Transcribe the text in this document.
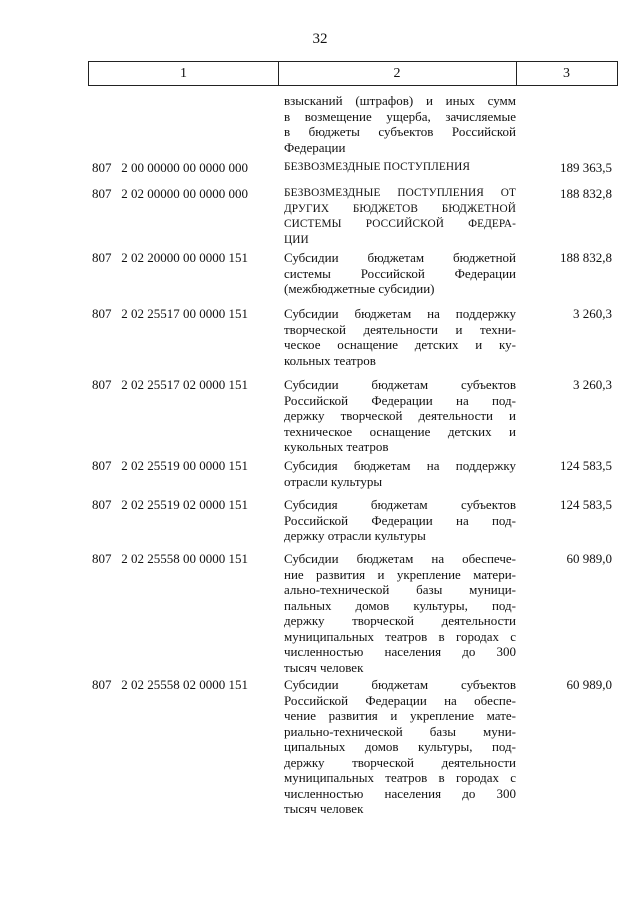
32
1	2	3
взысканий (штрафов) и иных сумм
в возмещение ущерба, зачисляемые
в бюджеты субъектов Российской
Федерации
807   2 00 00000 00 0000 000	БЕЗВОЗМЕЗДНЫЕ ПОСТУПЛЕНИЯ	189 363,5
807   2 02 00000 00 0000 000	БЕЗВОЗМЕЗДНЫЕ ПОСТУПЛЕНИЯ ОТ
ДРУГИХ БЮДЖЕТОВ БЮДЖЕТНОЙ
СИСТЕМЫ РОССИЙСКОЙ ФЕДЕРА-
ЦИИ
188 832,8
807   2 02 20000 00 0000 151	Субсидии бюджетам бюджетной
системы Российской Федерации
(межбюджетные субсидии)
188 832,8
807   2 02 25517 00 0000 151	Субсидии бюджетам на поддержку
творческой деятельности и техни-
ческое оснащение детских и ку-
кольных театров
3 260,3
807   2 02 25517 02 0000 151	Субсидии бюджетам субъектов
Российской Федерации на под-
держку творческой деятельности и
техническое оснащение детских и
кукольных театров
3 260,3
807   2 02 25519 00 0000 151	Субсидия бюджетам на поддержку
отрасли культуры
124 583,5
807   2 02 25519 02 0000 151	Субсидия бюджетам субъектов
Российской Федерации на под-
держку отрасли культуры
124 583,5
807   2 02 25558 00 0000 151	Субсидии бюджетам на обеспече-
ние развития и укрепление матери-
ально-технической базы муници-
пальных домов культуры, под-
держку творческой деятельности
муниципальных театров в городах с
численностью населения до 300
тысяч человек
60 989,0
807   2 02 25558 02 0000 151	Субсидии бюджетам субъектов
Российской Федерации на обеспе-
чение развития и укрепление мате-
риально-технической базы муни-
ципальных домов культуры, под-
держку творческой деятельности
муниципальных театров в городах с
численностью населения до 300
тысяч человек
60 989,0
